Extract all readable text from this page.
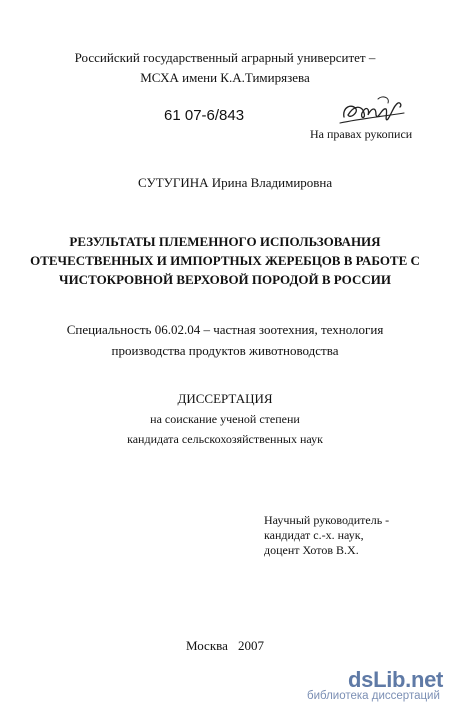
Российский государственный аграрный университет –
МСХА имени К.А.Тимирязева
61 07-6/843
На правах рукописи
СУТУГИНА Ирина Владимировна
РЕЗУЛЬТАТЫ ПЛЕМЕННОГО ИСПОЛЬЗОВАНИЯ
ОТЕЧЕСТВЕННЫХ И ИМПОРТНЫХ ЖЕРЕБЦОВ В РАБОТЕ С
ЧИСТОКРОВНОЙ ВЕРХОВОЙ ПОРОДОЙ В РОССИИ
Специальность 06.02.04 – частная зоотехния, технология
производства продуктов животноводства
ДИССЕРТАЦИЯ
на соискание ученой степени
кандидата сельскохозяйственных наук
Научный руководитель -
кандидат с.-х. наук,
доцент Хотов В.Х.
Москва 2007
dsLib.net
библиотека диссертаций
